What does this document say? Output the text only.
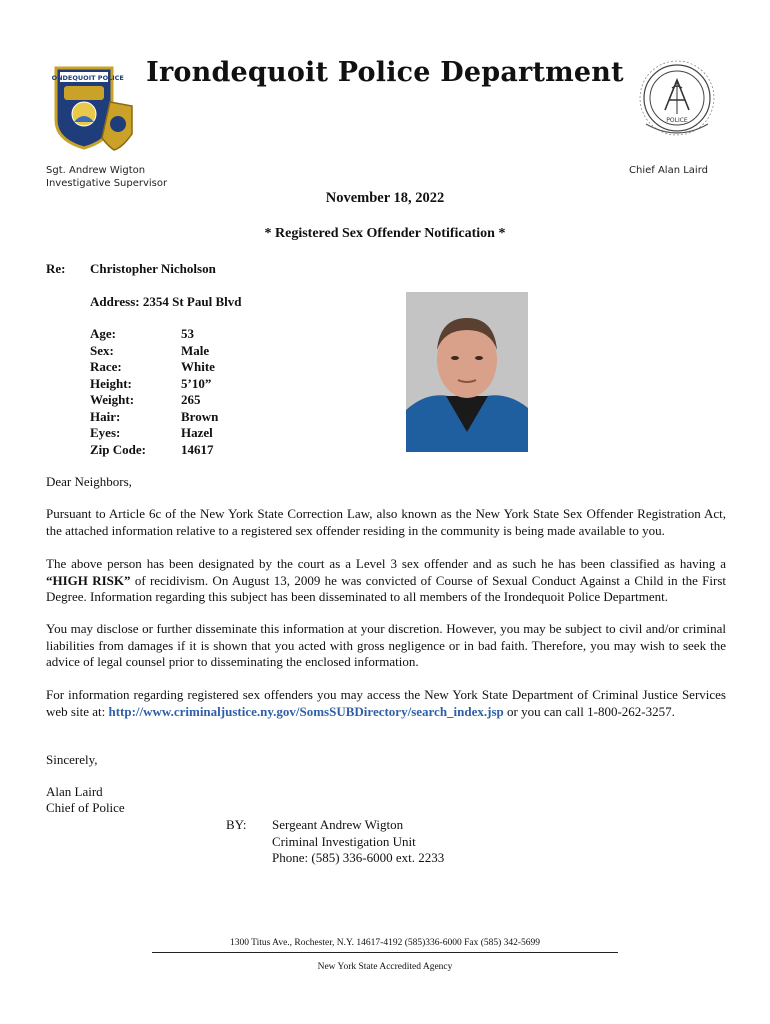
IRONDEQUOIT POLICE
POLICE
Irondequoit Police Department
Sgt. Andrew Wigton
Investigative Supervisor
Chief Alan Laird
November 18, 2022
* Registered Sex Offender Notification *
Re: Christopher Nicholson
Address: 2354 St Paul Blvd
Age:	53
Sex:	Male
Race:	White
Height:	5’10”
Weight:	265
Hair:	Brown
Eyes:	Hazel
Zip Code:	14617
Dear Neighbors,
Pursuant to Article 6c of the New York State Correction Law, also known as the New York State Sex Offender Registration Act, the attached information relative to a registered sex offender residing in the community is being made available to you.
The above person has been designated by the court as a Level 3 sex offender and as such he has been classified as having a “HIGH RISK” of recidivism. On August 13, 2009 he was convicted of Course of Sexual Conduct Against a Child in the First Degree. Information regarding this subject has been disseminated to all members of the Irondequoit Police Department.
You may disclose or further disseminate this information at your discretion. However, you may be subject to civil and/or criminal liabilities from damages if it is shown that you acted with gross negligence or in bad faith. Therefore, you may wish to seek the advice of legal counsel prior to disseminating the enclosed information.
For information regarding registered sex offenders you may access the New York State Department of Criminal Justice Services web site at: http://www.criminaljustice.ny.gov/SomsSUBDirectory/search_index.jsp or you can call 1-800-262-3257.
Sincerely,
Alan Laird
Chief of Police
BY: Sergeant Andrew Wigton
Criminal Investigation Unit
Phone: (585) 336-6000 ext. 2233
1300 Titus Ave., Rochester, N.Y. 14617-4192 (585)336-6000 Fax (585) 342-5699
New York State Accredited Agency
